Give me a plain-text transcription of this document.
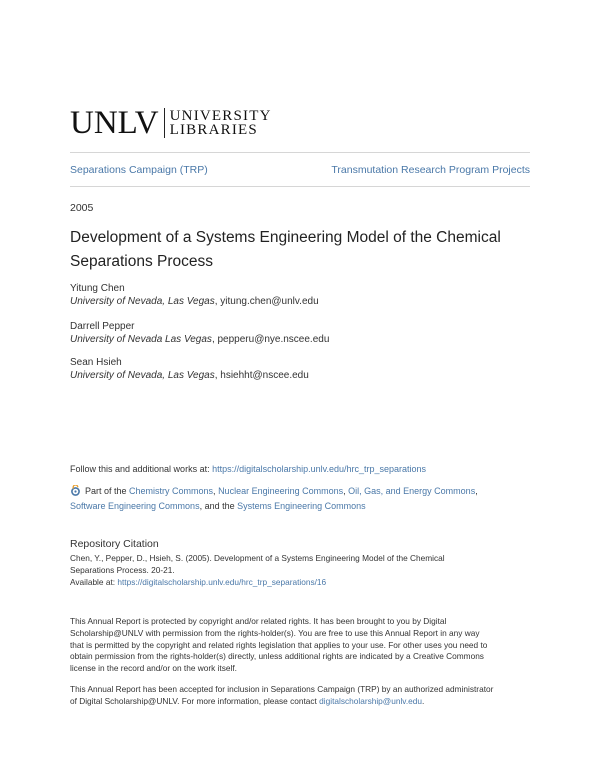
UNLV UNIVERSITY
LIBRARIES
Separations Campaign (TRP)	Transmutation Research Program Projects
2005
Development of a Systems Engineering Model of the Chemical Separations Process
Yitung Chen
University of Nevada, Las Vegas, yitung.chen@unlv.edu
Darrell Pepper
University of Nevada Las Vegas, pepperu@nye.nscee.edu
Sean Hsieh
University of Nevada, Las Vegas, hsiehht@nscee.edu
Follow this and additional works at: https://digitalscholarship.unlv.edu/hrc_trp_separations
Part of the Chemistry Commons, Nuclear Engineering Commons, Oil, Gas, and Energy Commons,
Software Engineering Commons, and the Systems Engineering Commons
Repository Citation
Chen, Y., Pepper, D., Hsieh, S. (2005). Development of a Systems Engineering Model of the Chemical
Separations Process. 20-21.
Available at: https://digitalscholarship.unlv.edu/hrc_trp_separations/16
This Annual Report is protected by copyright and/or related rights. It has been brought to you by Digital
Scholarship@UNLV with permission from the rights-holder(s). You are free to use this Annual Report in any way
that is permitted by the copyright and related rights legislation that applies to your use. For other uses you need to
obtain permission from the rights-holder(s) directly, unless additional rights are indicated by a Creative Commons
license in the record and/or on the work itself.
This Annual Report has been accepted for inclusion in Separations Campaign (TRP) by an authorized administrator
of Digital Scholarship@UNLV. For more information, please contact digitalscholarship@unlv.edu.
